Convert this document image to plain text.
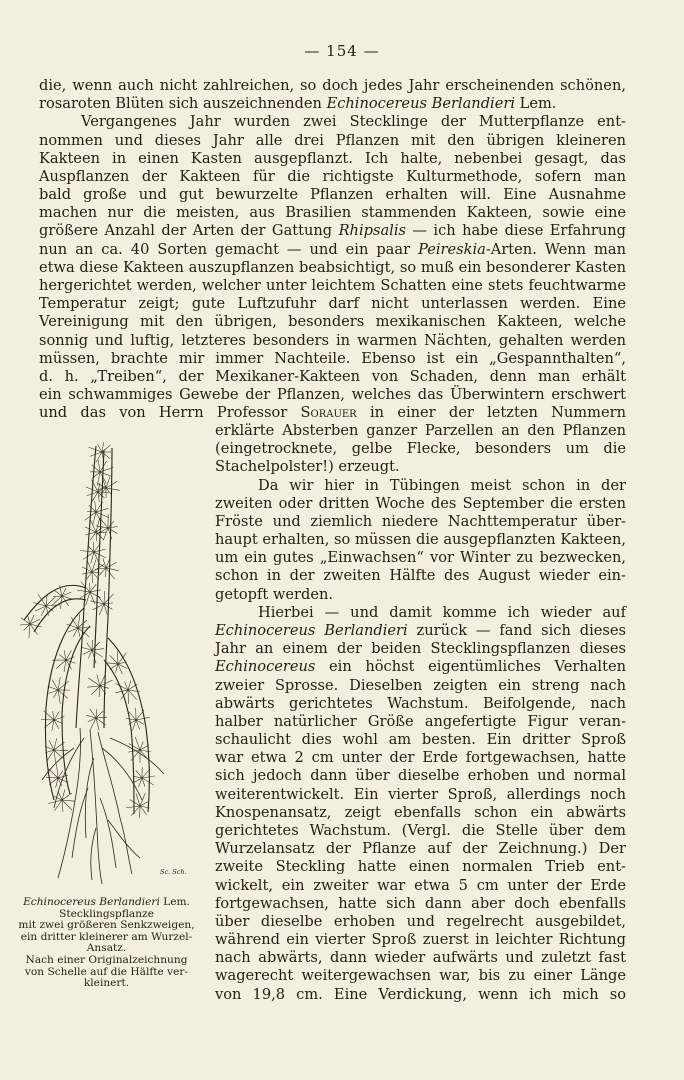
— 154 —
die, wenn auch nicht zahlreichen, so doch jedes Jahr erscheinenden schönen,
rosaroten Blüten sich auszeichnenden Echinocereus Berlandieri Lem.
Vergangenes Jahr wurden zwei Stecklinge der Mutterpflanze ent-
nommen und dieses Jahr alle drei Pflanzen mit den übrigen kleineren
Kakteen in einen Kasten ausgepflanzt. Ich halte, nebenbei gesagt, das
Auspflanzen der Kakteen für die richtigste Kulturmethode, sofern man
bald große und gut bewurzelte Pflanzen erhalten will. Eine Ausnahme
machen nur die meisten, aus Brasilien stammenden Kakteen, sowie eine
größere Anzahl der Arten der Gattung Rhipsalis — ich habe diese Erfahrung
nun an ca. 40 Sorten gemacht — und ein paar Peireskia-Arten. Wenn man
etwa diese Kakteen auszupflanzen beabsichtigt, so muß ein besonderer Kasten
hergerichtet werden, welcher unter leichtem Schatten eine stets feuchtwarme
Temperatur zeigt; gute Luftzufuhr darf nicht unterlassen werden. Eine
Vereinigung mit den übrigen, besonders mexikanischen Kakteen, welche
sonnig und luftig, letzteres besonders in warmen Nächten, gehalten werden
müssen, brachte mir immer Nachteile. Ebenso ist ein „Gespannthalten“,
d. h. „Treiben“, der Mexikaner-Kakteen von Schaden, denn man erhält
ein schwammiges Gewebe der Pflanzen, welches das Überwintern erschwert
und das von Herrn Professor Sorauer in einer der letzten Nummern
erklärte Absterben ganzer Parzellen an den Pflanzen
(eingetrocknete, gelbe Flecke, besonders um die
Stachelpolster!) erzeugt.
Da wir hier in Tübingen meist schon in der
zweiten oder dritten Woche des September die ersten
Fröste und ziemlich niedere Nachttemperatur über-
haupt erhalten, so müssen die ausgepflanzten Kakteen,
um ein gutes „Einwachsen“ vor Winter zu bezwecken,
schon in der zweiten Hälfte des August wieder ein-
getopft werden.
Hierbei — und damit komme ich wieder auf
Echinocereus Berlandieri zurück — fand sich dieses
Jahr an einem der beiden Stecklingspflanzen dieses
Echinocereus ein höchst eigentümliches Verhalten
zweier Sprosse. Dieselben zeigten ein streng nach
abwärts gerichtetes Wachstum. Beifolgende, nach
halber natürlicher Größe angefertigte Figur veran-
schaulicht dies wohl am besten. Ein dritter Sproß
war etwa 2 cm unter der Erde fortgewachsen, hatte
sich jedoch dann über dieselbe erhoben und normal
weiterentwickelt. Ein vierter Sproß, allerdings noch
Knospenansatz, zeigt ebenfalls schon ein abwärts
gerichtetes Wachstum. (Vergl. die Stelle über dem
Wurzelansatz der Pflanze auf der Zeichnung.) Der
zweite Steckling hatte einen normalen Trieb ent-
wickelt, ein zweiter war etwa 5 cm unter der Erde
fortgewachsen, hatte sich dann aber doch ebenfalls
über dieselbe erhoben und regelrecht ausgebildet,
während ein vierter Sproß zuerst in leichter Richtung
nach abwärts, dann wieder aufwärts und zuletzt fast
wagerecht weitergewachsen war, bis zu einer Länge
von 19,8 cm. Eine Verdickung, wenn ich mich so
Sc. Sch.
Echinocereus Berlandieri Lem.
Stecklingspflanze
mit zwei größeren Senkzweigen,
ein dritter kleinerer am Wurzel-
Ansatz.
Nach einer Originalzeichnung
von Schelle auf die Hälfte ver-
kleinert.
